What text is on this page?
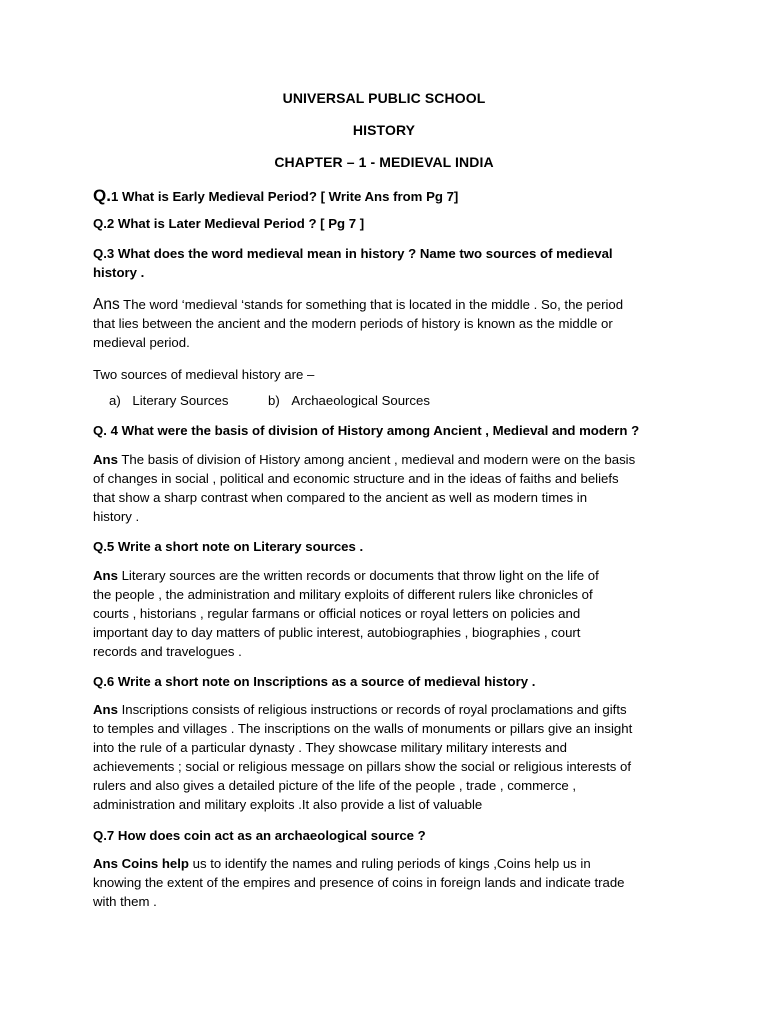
UNIVERSAL PUBLIC SCHOOL
HISTORY
CHAPTER – 1 - MEDIEVAL INDIA
Q.1 What is Early Medieval Period? [ Write Ans from Pg 7]
Q.2 What is Later Medieval Period ? [ Pg 7 ]
Q.3 What does the word medieval mean in history ? Name two sources of medieval
history .
Ans The word ‘medieval ‘stands for something that is located in the middle . So, the period
that lies between the ancient and the modern periods of history is known as the middle or
medieval period.
Two sources of medieval history are –
a) Literary Sources	b) Archaeological Sources
Q. 4 What were the basis of division of History among Ancient , Medieval and modern ?
Ans The basis of division of History among ancient , medieval and modern were on the basis
of changes in social , political and economic structure and in the ideas of faiths and beliefs
that show a sharp contrast when compared to the ancient as well as modern times in
history .
Q.5 Write a short note on Literary sources .
Ans Literary sources are the written records or documents that throw light on the life of
the people , the administration and military exploits of different rulers like chronicles of
courts , historians , regular farmans or official notices or royal letters on policies and
important day to day matters of public interest, autobiographies , biographies , court
records and travelogues .
Q.6 Write a short note on Inscriptions as a source of medieval history .
Ans Inscriptions consists of religious instructions or records of royal proclamations and gifts
to temples and villages . The inscriptions on the walls of monuments or pillars give an insight
into the rule of a particular dynasty . They showcase military military interests and
achievements ; social or religious message on pillars show the social or religious interests of
rulers and also gives a detailed picture of the life of the people , trade , commerce ,
administration and military exploits .It also provide a list of valuable
Q.7 How does coin act as an archaeological source ?
Ans Coins help us to identify the names and ruling periods of kings ,Coins help us in
knowing the extent of the empires and presence of coins in foreign lands and indicate trade
with them .
